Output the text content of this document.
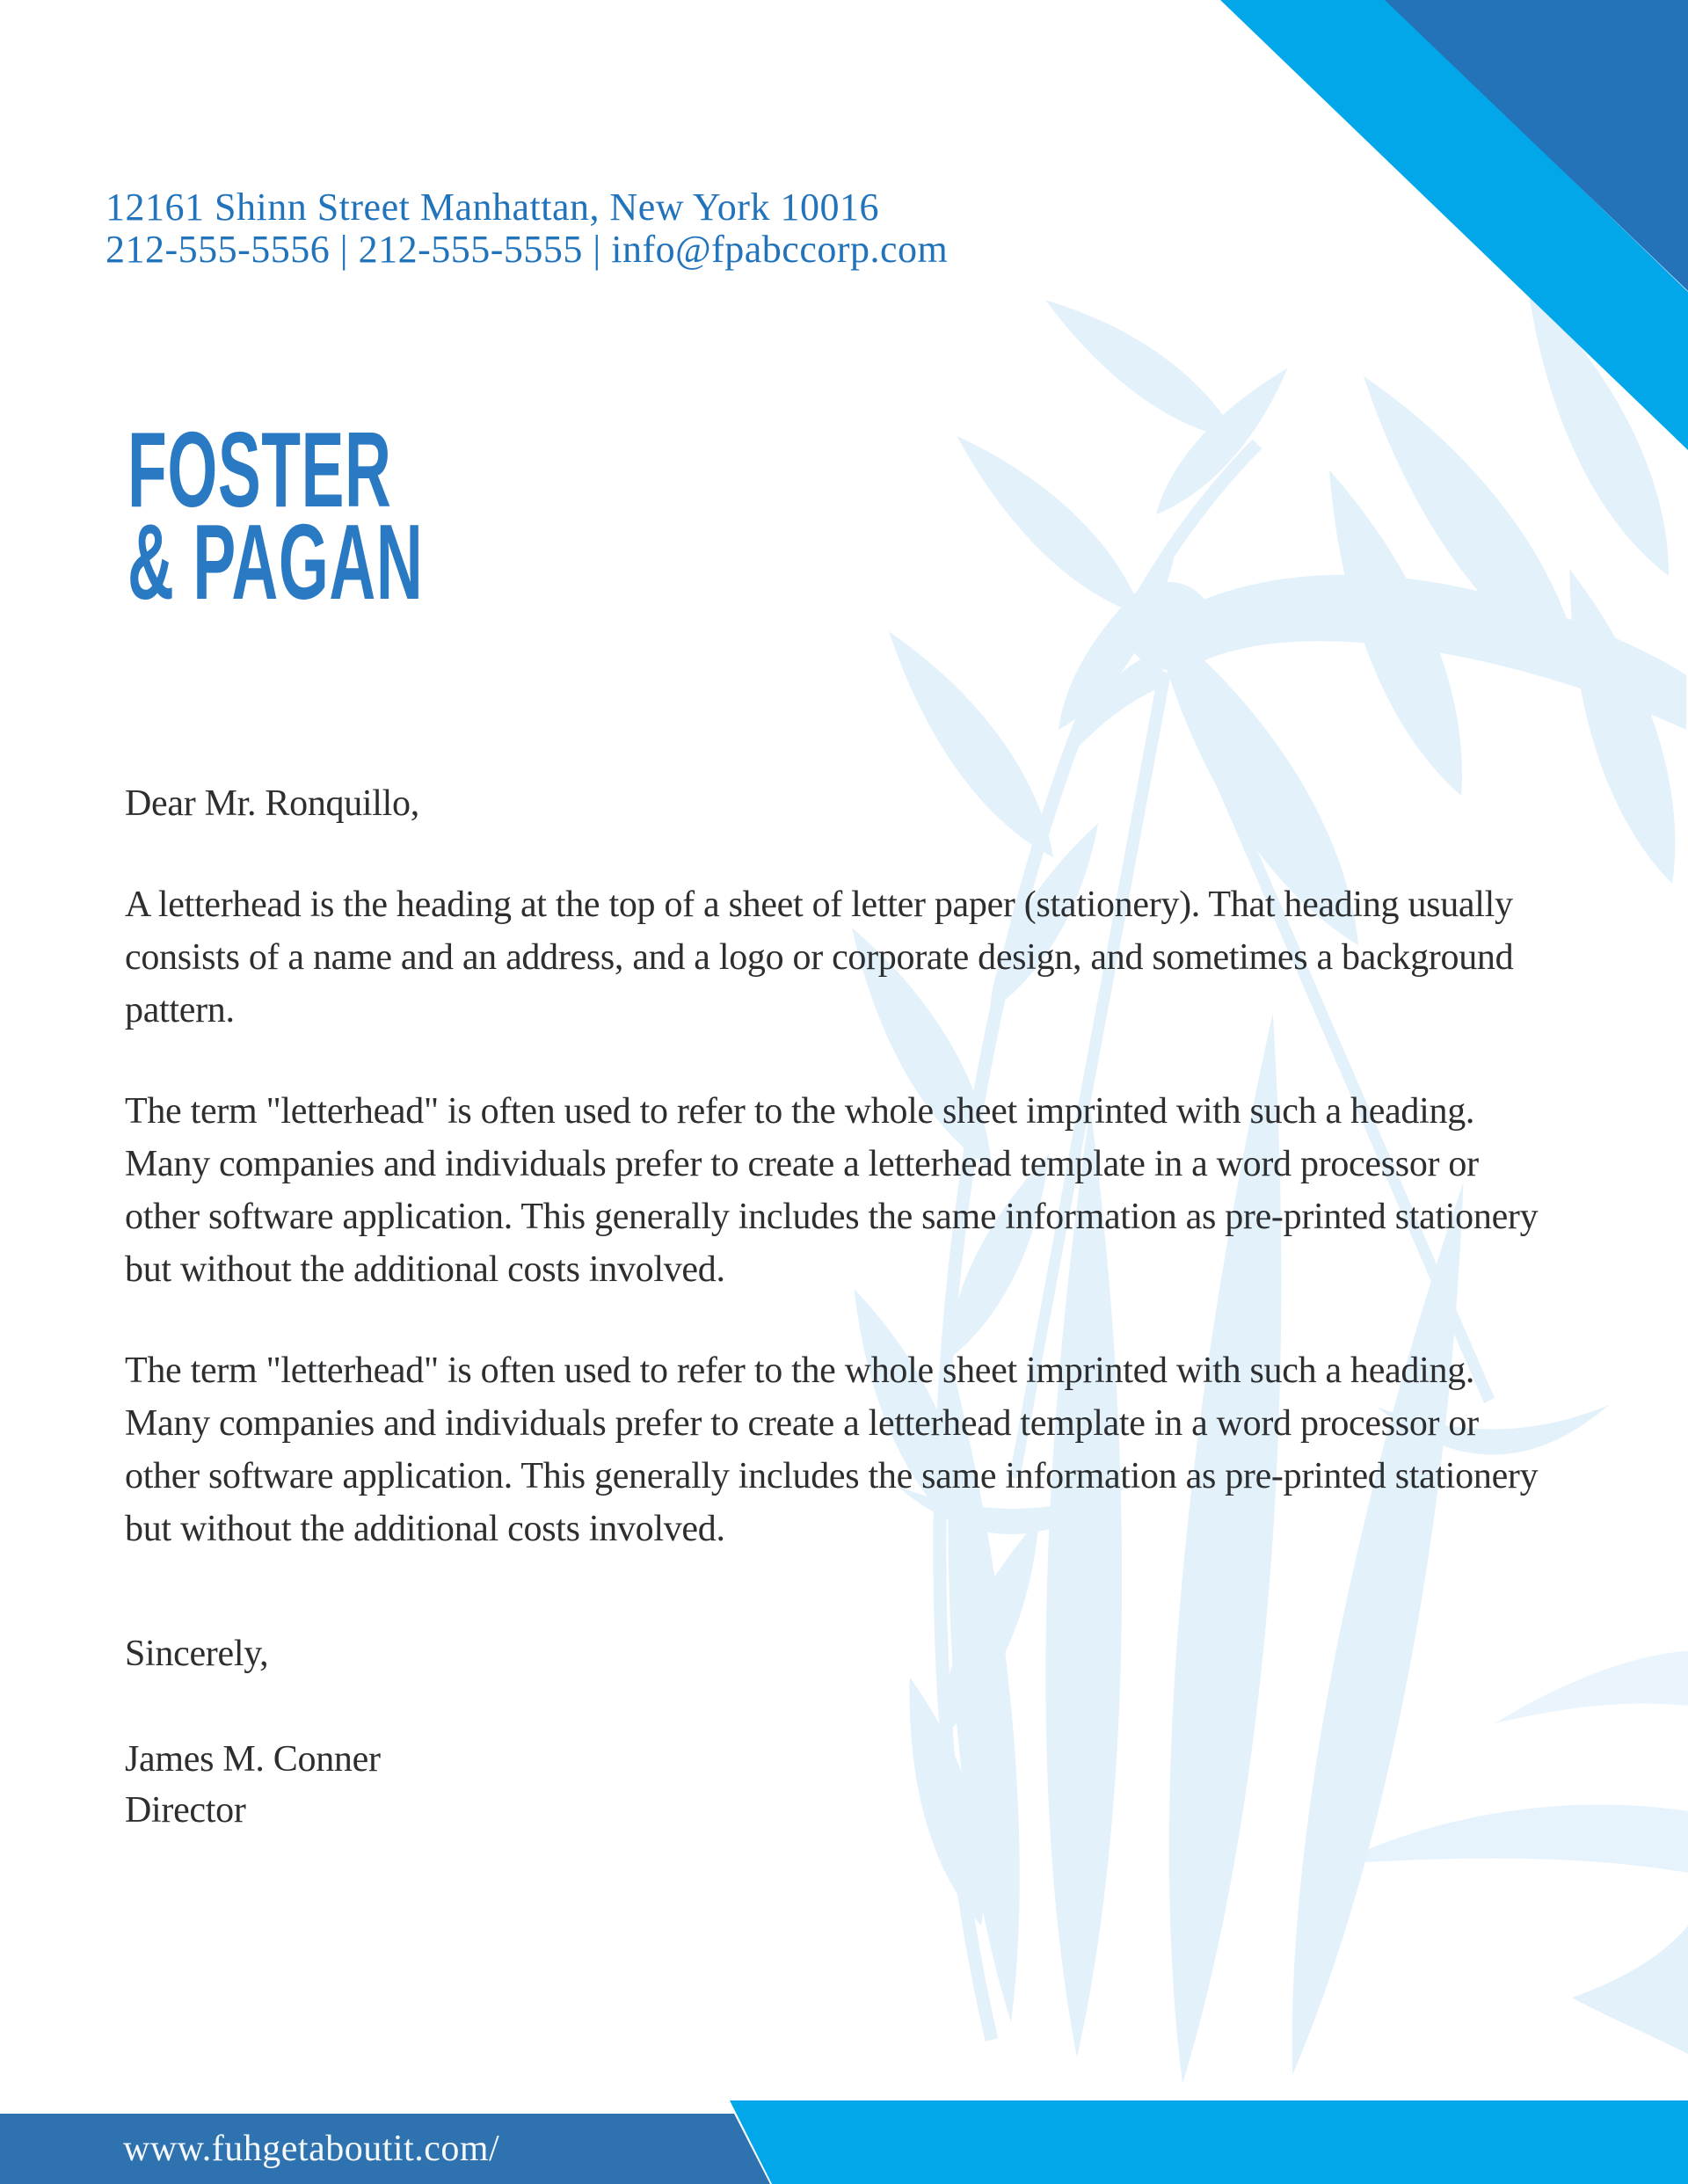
12161 Shinn Street Manhattan, New York 10016
212-555-5556 | 212-555-5555 | info@fpabccorp.com
FOSTER
& PAGAN

Dear Mr. Ronquillo,

A letterhead is the heading at the top of a sheet of letter paper (stationery). That heading usually consists of a name and an address, and a logo or corporate design, and sometimes a background pattern.

The term "letterhead" is often used to refer to the whole sheet imprinted with such a heading. Many companies and individuals prefer to create a letterhead template in a word processor or other software application. This generally includes the same information as pre-printed stationery but without the additional costs involved.

The term "letterhead" is often used to refer to the whole sheet imprinted with such a heading. Many companies and individuals prefer to create a letterhead template in a word processor or other software application. This generally includes the same information as pre-printed stationery but without the additional costs involved.

Sincerely,

James M. Conner
Director
www.fuhgetaboutit.com/
